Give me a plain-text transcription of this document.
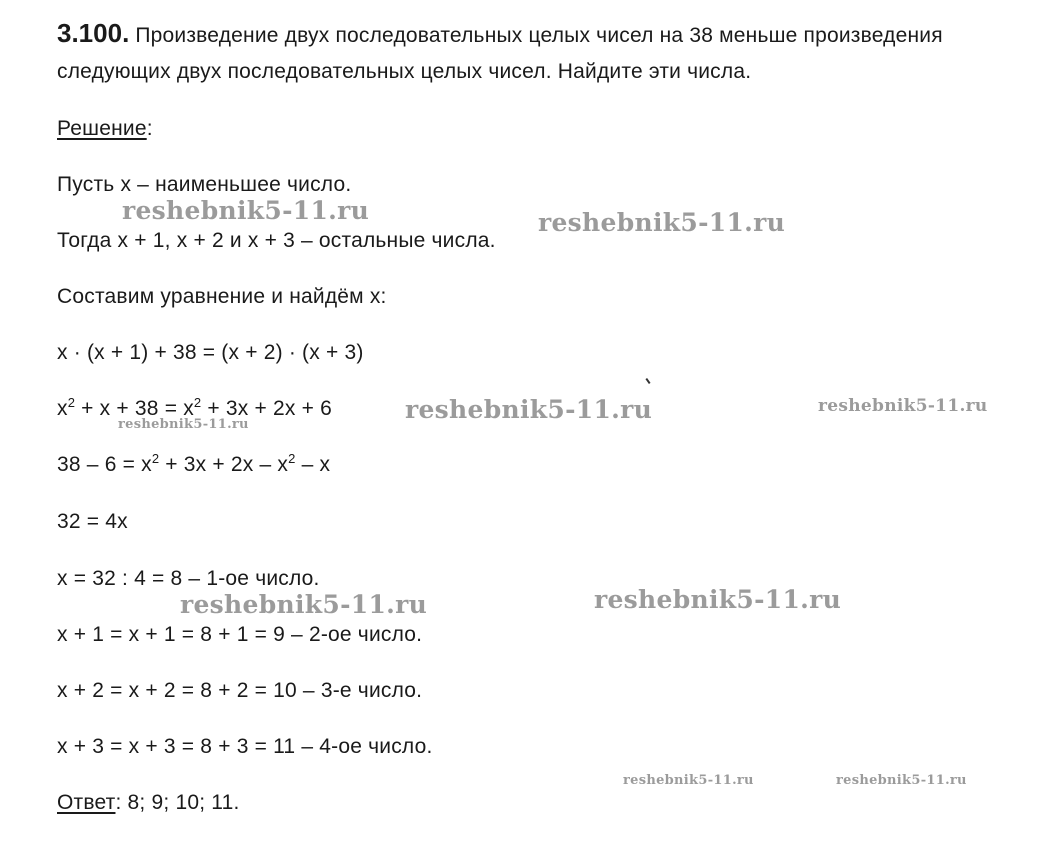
3.100. Произведение двух последовательных целых чисел на 38 меньше произведения
следующих двух последовательных целых чисел. Найдите эти числа.
Решение:
Пусть x – наименьшее число.
Тогда x + 1, x + 2 и x + 3 – остальные числа.
Составим уравнение и найдём x:
x · (x + 1) + 38 = (x + 2) · (x + 3)
$x^2 + x + 38 = x^2 + 3x + 2x + 6$
$38 - 6 = x^2 + 3x + 2x - x^2 - x$
32 = 4x
x = 32 : 4 = 8 – 1-ое число.
x + 1 = x + 1 = 8 + 1 = 9 – 2-ое число.
x + 2 = x + 2 = 8 + 2 = 10 – 3-е число.
x + 3 = x + 3 = 8 + 3 = 11 – 4-ое число.
Ответ: 8; 9; 10; 11.
reshebnik5-11.ru	reshebnik5-11.ru
reshebnik5-11.ru	reshebnik5-11.ru
reshebnik5-11.ru
reshebnik5-11.ru	reshebnik5-11.ru
reshebnik5-11.ru	reshebnik5-11.ru
